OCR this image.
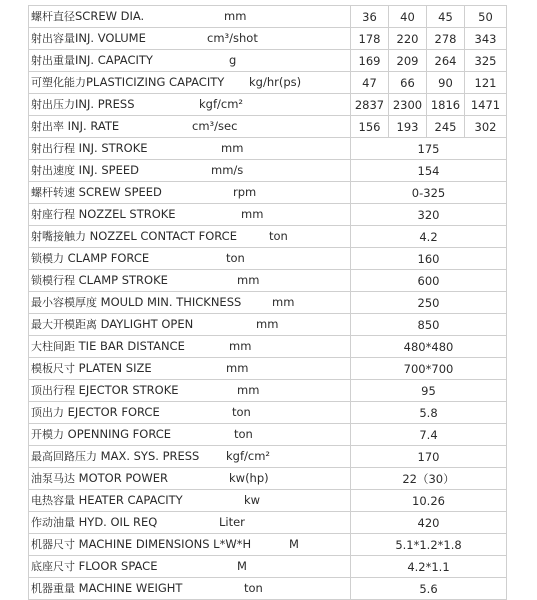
螺杆直径SCREW DIA. mm	36	40	45	50
射出容量INJ. VOLUME cm³/shot	178	220	278	343
射出重量INJ. CAPACITY g	169	209	264	325
可塑化能力PLASTICIZING CAPACITY kg/hr(ps)	47	66	90	121
射出压力INJ. PRESS kgf/cm²	2837	2300	1816	1471
射出率 INJ. RATE cm³/sec	156	193	245	302
射出行程 INJ. STROKE mm	175			
射出速度 INJ. SPEED mm/s	154			
螺杆转速 SCREW SPEED rpm	0-325			
射座行程 NOZZEL STROKE mm	320			
射嘴接触力 NOZZEL CONTACT FORCE ton	4.2			
锁模力 CLAMP FORCE ton	160			
锁模行程 CLAMP STROKE mm	600			
最小容模厚度 MOULD MIN. THICKNESS mm	250			
最大开模距离 DAYLIGHT OPEN mm	850			
大柱间距 TIE BAR DISTANCE mm	480*480			
模板尺寸 PLATEN SIZE mm	700*700			
顶出行程 EJECTOR STROKE mm	95			
顶出力 EJECTOR FORCE ton	5.8			
开模力 OPENNING FORCE ton	7.4			
最高回路压力 MAX. SYS. PRESS kgf/cm²	170			
油泵马达 MOTOR POWER kw(hp)	22（30）			
电热容量 HEATER CAPACITY kw	10.26			
作动油量 HYD. OIL REQ Liter	420			
机器尺寸 MACHINE DIMENSIONS L*W*H M	5.1*1.2*1.8			
底座尺寸 FLOOR SPACE M	4.2*1.1			
机器重量 MACHINE WEIGHT ton	5.6			
